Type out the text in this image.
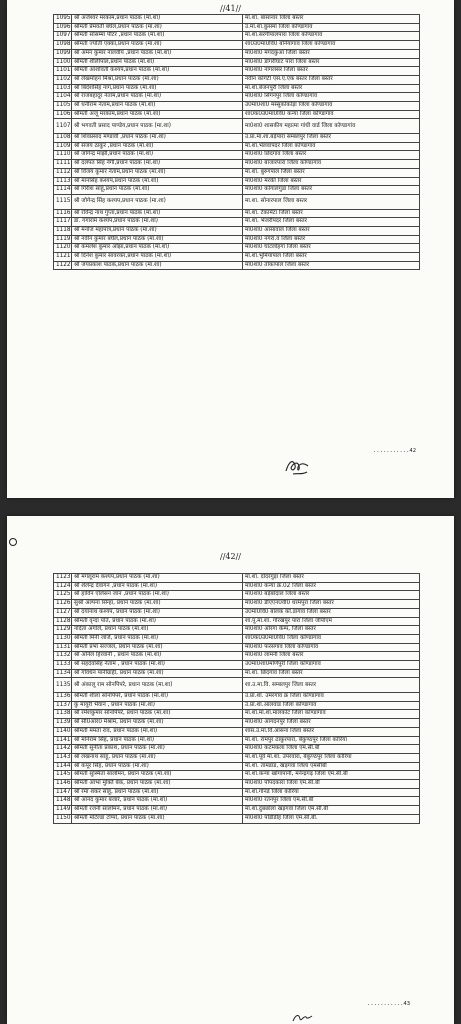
//41//
1095	श्री अजेश्वर मरकाम,प्रधान पाठक (मा.शा)	मा.शा. बासानार जिला बस्तर
1096	श्रीमती प्रेमवती बघेल,प्रधान पाठक (मा.शा)	उ.मा.शा.कुसमा जिला कोण्डागांव
1097	श्रीमती सोसम्मा पीटर ,प्रधान पाठक (मा.शा)	मा.शा.सरगीपालपारा जिला कोण्डागांव
1098	श्रीमती ज्योती एक्का,प्रधान पाठक (मा.शा)	शा0उ0मा0वि0 बनियागांव जिला कोण्डागांव
1099	श्री अमन कुमार नालवीय ,प्रधान पाठक (मा.शा)	मा0शा0 मगदकुंआ जिला बस्तर
1100	श्रीमती शीलीपाल,प्रधान पाठक (मा.शा)	मा0शा0 डोंगरीघाट पारा जिला बस्तर
1101	श्रीमती आशोवती कश्यप,प्रधान पाठक (मा.शा)	मा0शा0 नागलसर जिला बस्तर
1102	श्री लेखमोहन मिश्रा,प्रधान पाठक (मा.शा)	नवीन कोंगेटी एस.ए.एक बस्तर जिला बस्तर
1103	श्री बिदेशसिंह नाग,प्रधान पाठक (मा.शा)	मा.शा.बेजनपुरी जिला बस्तर
1104	श्री राजबहादूर नेताम,प्रधान पाठक (मा.शा)	मा0शा0 सिंगनपुर जिला कोण्डागांव
1105	श्री धनीराम नेताम,प्रधान पाठक (मा.शा)	उ0मा0शा0 मस्सुकोकोड़ा जिला कोण्डागांव
1106	श्रीमती अंजू मरकाम,प्रधान पाठक (मा.शा)	शा0क0उ0मा0वि0 कन्या जिला कोण्डागांव
1107	श्री भगवती प्रसाद पाण्डेय,प्रधान पाठक (मा.शा)	मा0शा0 शासकीय महात्मा गांधी वार्ड जिला कोण्डागांव
1108	श्री शिवप्रसाद मण्डावी ,प्रधान पाठक (मा.शा)	उ.प्रा.मा.शा.बड़ेपारा सम्बलपुर जिला बस्तर
1109	श्री संजय ठाकुर ,प्रधान पाठक (मा.शा)	मा.शा.भेलवापदर जिला कोण्डागांव
1110	श्री जोगेन्द्र मांझी,प्रधान पाठक (मा.शा)	मा0शा0 छिंदगांव जिला बस्तर
1111	श्री दलपत सिंह नेगी,प्रधान पाठक (मा.शा)	मा0शा0 बाजारपारा जिला कोण्डागांव
1112	श्री विजय कुमार नेताम,प्रधान पाठक (मा.शा)	मा.शा. बुरुंगपाल जिला बस्तर
1113	श्री मानसिंह कश्यप,प्रधान पाठक (मा.शा)	मा0शा0 मरकी जिला बस्तर
1114	श्री गिरीश साहू,प्रधान पाठक (मा.शा)	मा0शा0 कोंगालगुडा जिला बस्तर
1115	श्री जोगेन्द्र सिंह कश्यप,प्रधान पाठक (मा.शा)	मा.शा. सोनारपाल जिला बस्तर
1116	श्री रविन्द्र नाथ गुप्ता,प्रधान पाठक (मा.शा)	मा.शा. टेकामेटा जिला बस्तर
1117	डॉ. गंगाराम कश्यप,प्रधान पाठक (मा.शा)	मा.शा. भेजरीपदर जिला बस्तर
1118	श्री मनोज महापात्र,प्रधान पाठक (मा.शा)	मा0शा0 आसावाल जिला बस्तर
1119	श्री नवीन कुमार बघेल,प्रधान पाठक (मा.शा)	मा0शा0 नगरा.व जिला बस्तर
1120	श्री कमलेश कुमार ओझा,प्रधान पाठक (मा.शा)	मा0शा0 घाटलोहंगा जिला बस्तर
1121	श्री दिनेश कुमार सावरकर,प्रधान पाठक (मा.शा)	मा.शा.भुमियापाल जिला बस्तर
1122	श्री जयप्रकाश पाठक,प्रधान पाठक (मा.शा)	मा0शा0 तोकापाल जिला बस्तर
...........42
//42//
1123	श्री मंगलूराम कश्यप,प्रधान पाठक (मा.शा)	मा.शा. दोंदरगुड़ा जिला बस्तर
1124	श्री शैलेन्द्र देवांगन ,प्रधान पाठक (मा.शा)	मा0शा0 कन्या क्र.02 जिला बस्तर
1125	श्री हार्विन एलिसन जॉन ,प्रधान पाठक (मा.शा)	मा0शा0 बड़ेबोदाल जिला बस्तर
1126	सुश्री अल्पना सिन्हा, प्रधान पाठक (मा.शा)	मा0शा0 डीएएन0वी0 धरमपुरा जिला बस्तर
1127	श्री दयानाथ कश्यप, प्रधान पाठक (मा.शा)	उ0मा0वि0 बालक को.डागांव जिला बस्तर
1128	श्रीमती वृन्दा पोर्ते, प्रधान पाठक (मा.शा)	शा.पू.मा.शा. गोरखपुर पारा जिला जीपीएम
1129	नंदिता अंगोले, प्रधान पाठक (मा.शा)	मा0शा0 औरगा कैम्प, जिला बस्तर
1130	श्रीमती मिनी जॉर्ज, प्रधान पाठक (मा.शा)	शा0क0उ0मा0वि0 जिला कोण्डागांव
1131	श्रीमती प्रभा सज्जल, प्रधान पाठक (मा.शा)	मा0शा0 फरसगांव जिला कोण्डागांव
1132	श्री अनिल हिरवानी , प्रधान पाठक (मा.शा)	मा0शा0 लामनी जिला बस्तर
1133	श्री सहदेवसिंह नेताम , प्रधान पाठक (मा.शा)	उ0मा0शा0मणिपुरी जिला कोण्डागांव
1134	श्री गोवर्धन पानीग्राही, प्रधान पाठक (मा.शा)	मा.शा. छिंदगांव जिला बस्तर
1135	श्री अंकालू राम सोनपिपरे, प्रधान पाठक (मा.शा)	शा.उ.मा.वि. सम्बलपुर जिला बस्तर
1136	श्रीमती शीला सोनपिपरे, प्रधान पाठक (मा.शा)	उ.प्रा.शा. उमरगांव क्र जिला कोण्डागांव
1137	कु मायुरी भैवान , प्रधान पाठक (मा.शा)	उ.प्रा.शा.आलवाड जिला कोण्डागांव
1138	श्री रमेशकुमार सोनपिपरे, प्रधान पाठक (मा.शा)	मा.शा.मा.शा.मालकोट जिला कोण्डागांव
1139	श्री सी0आर0 मेश्राम, प्रधान पाठक (मा.शा)	मा0शा0 आगदनपुर जिला बस्तर
1140	श्रीमती ममता राव, प्रधान पाठक (मा.शा)	शास.उ.मा.वि.आसना जिला बस्तर
1141	श्री मनिराम सिंह, प्रधान पाठक (मा.शा)	मा.शा. रामपुर ठाकुरपारा, बैकुण्ठपुर जिला कोरिया
1142	श्रीमती सुनीता प्रकाश, प्रधान पाठक (मा.शा)	मा0शा0 कटमकला जिला एम.सी.बी
1143	श्री लखनाथ साहू, प्रधान पाठक (मा.शा)	मा.शा.पूर्व मा.शा. उपरवारा, बैकुण्ठपुर जिला कोरिया
1144	श्री कपूर सिंह, प्रधान पाठक (मा.शा)	मा.शा. तामडांड, खड़गवां जिला एमसीबी
1145	श्रीमती सुस्मिता सालोमन, प्रधान पाठक (मा.शा)	मा.शा.कन्या खोंगापानी, मनेन्द्रगढ़ जिला एम.सी.बी
1146	श्रीमती आभा मुक्ति बेक, प्रधान पाठक (मा.शा)	मा0शा0 पौंपदकारा जिला एम.सी.बी
1147	श्री रमा शंकर साहू, प्रधान पाठक (मा.शा)	मा.शा.गोनडे जिला कोरिया
1148	श्री आनंद कुमार बंजारे, प्रधान पाठक (मा.शा)	मा0शा0 रतनपुर जिला एम.सी.बी
1149	श्रीमती रजनी सालोमन, प्रधान पाठक (मा.शा)	मा.शा.दुबछोला खड़गवां जिला एम.सी.बी
1150	श्रीमती मंटिल्डा टोप्पो, प्रधान पाठक (मा.शा)	मा0शा0 पोंडीडीह जिला एम.सी.बी.
...........43
